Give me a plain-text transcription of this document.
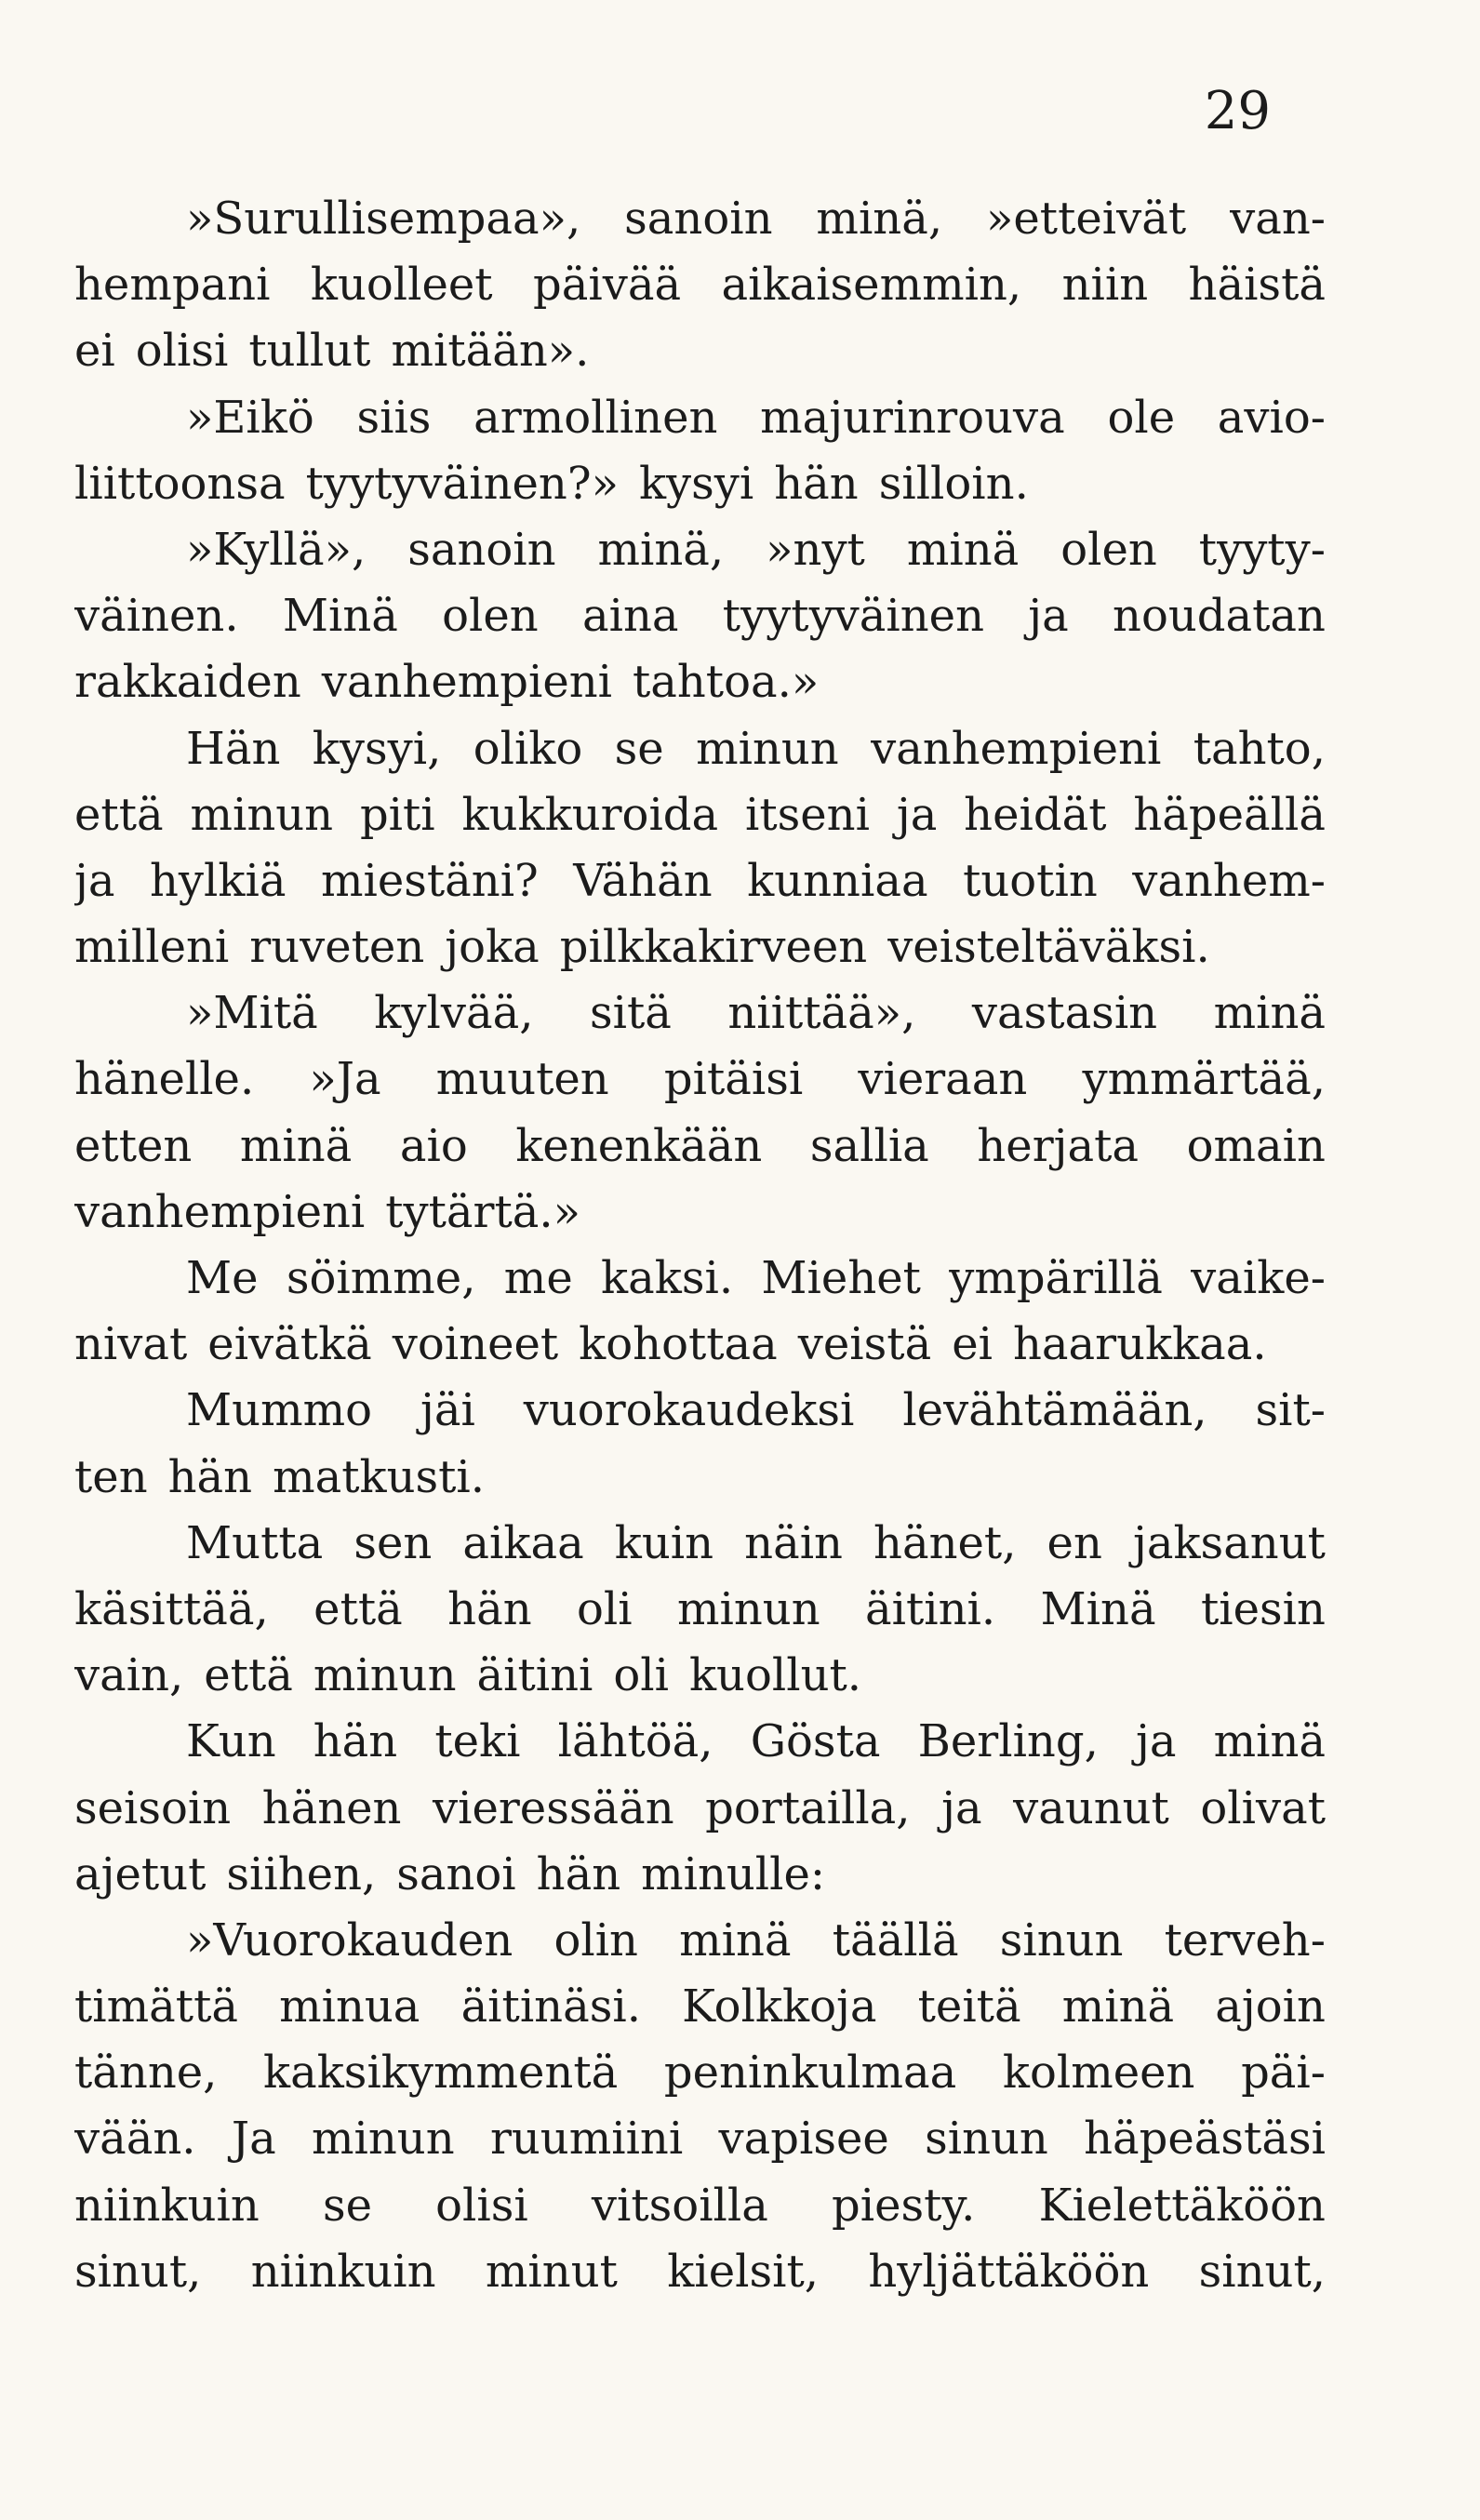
29
»Surullisempaa», sanoin minä, »etteivät van-
hempani kuolleet päivää aikaisemmin, niin häistä
ei olisi tullut mitään».
»Eikö siis armollinen majurinrouva ole avio-
liittoonsa tyytyväinen?» kysyi hän silloin.
»Kyllä», sanoin minä, »nyt minä olen tyyty-
väinen. Minä olen aina tyytyväinen ja noudatan
rakkaiden vanhempieni tahtoa.»
Hän kysyi, oliko se minun vanhempieni tahto,
että minun piti kukkuroida itseni ja heidät häpeällä
ja hylkiä miestäni? Vähän kunniaa tuotin vanhem-
milleni ruveten joka pilkkakirveen veisteltäväksi.
»Mitä kylvää, sitä niittää», vastasin minä
hänelle. »Ja muuten pitäisi vieraan ymmärtää,
etten minä aio kenenkään sallia herjata omain
vanhempieni tytärtä.»
Me söimme, me kaksi. Miehet ympärillä vaike-
nivat eivätkä voineet kohottaa veistä ei haarukkaa.
Mummo jäi vuorokaudeksi levähtämään, sit-
ten hän matkusti.
Mutta sen aikaa kuin näin hänet, en jaksanut
käsittää, että hän oli minun äitini. Minä tiesin
vain, että minun äitini oli kuollut.
Kun hän teki lähtöä, Gösta Berling, ja minä
seisoin hänen vieressään portailla, ja vaunut olivat
ajetut siihen, sanoi hän minulle:
»Vuorokauden olin minä täällä sinun terveh-
timättä minua äitinäsi. Kolkkoja teitä minä ajoin
tänne, kaksikymmentä peninkulmaa kolmeen päi-
vään. Ja minun ruumiini vapisee sinun häpeästäsi
niinkuin se olisi vitsoilla piesty. Kielettäköön
sinut, niinkuin minut kielsit, hyljättäköön sinut,
